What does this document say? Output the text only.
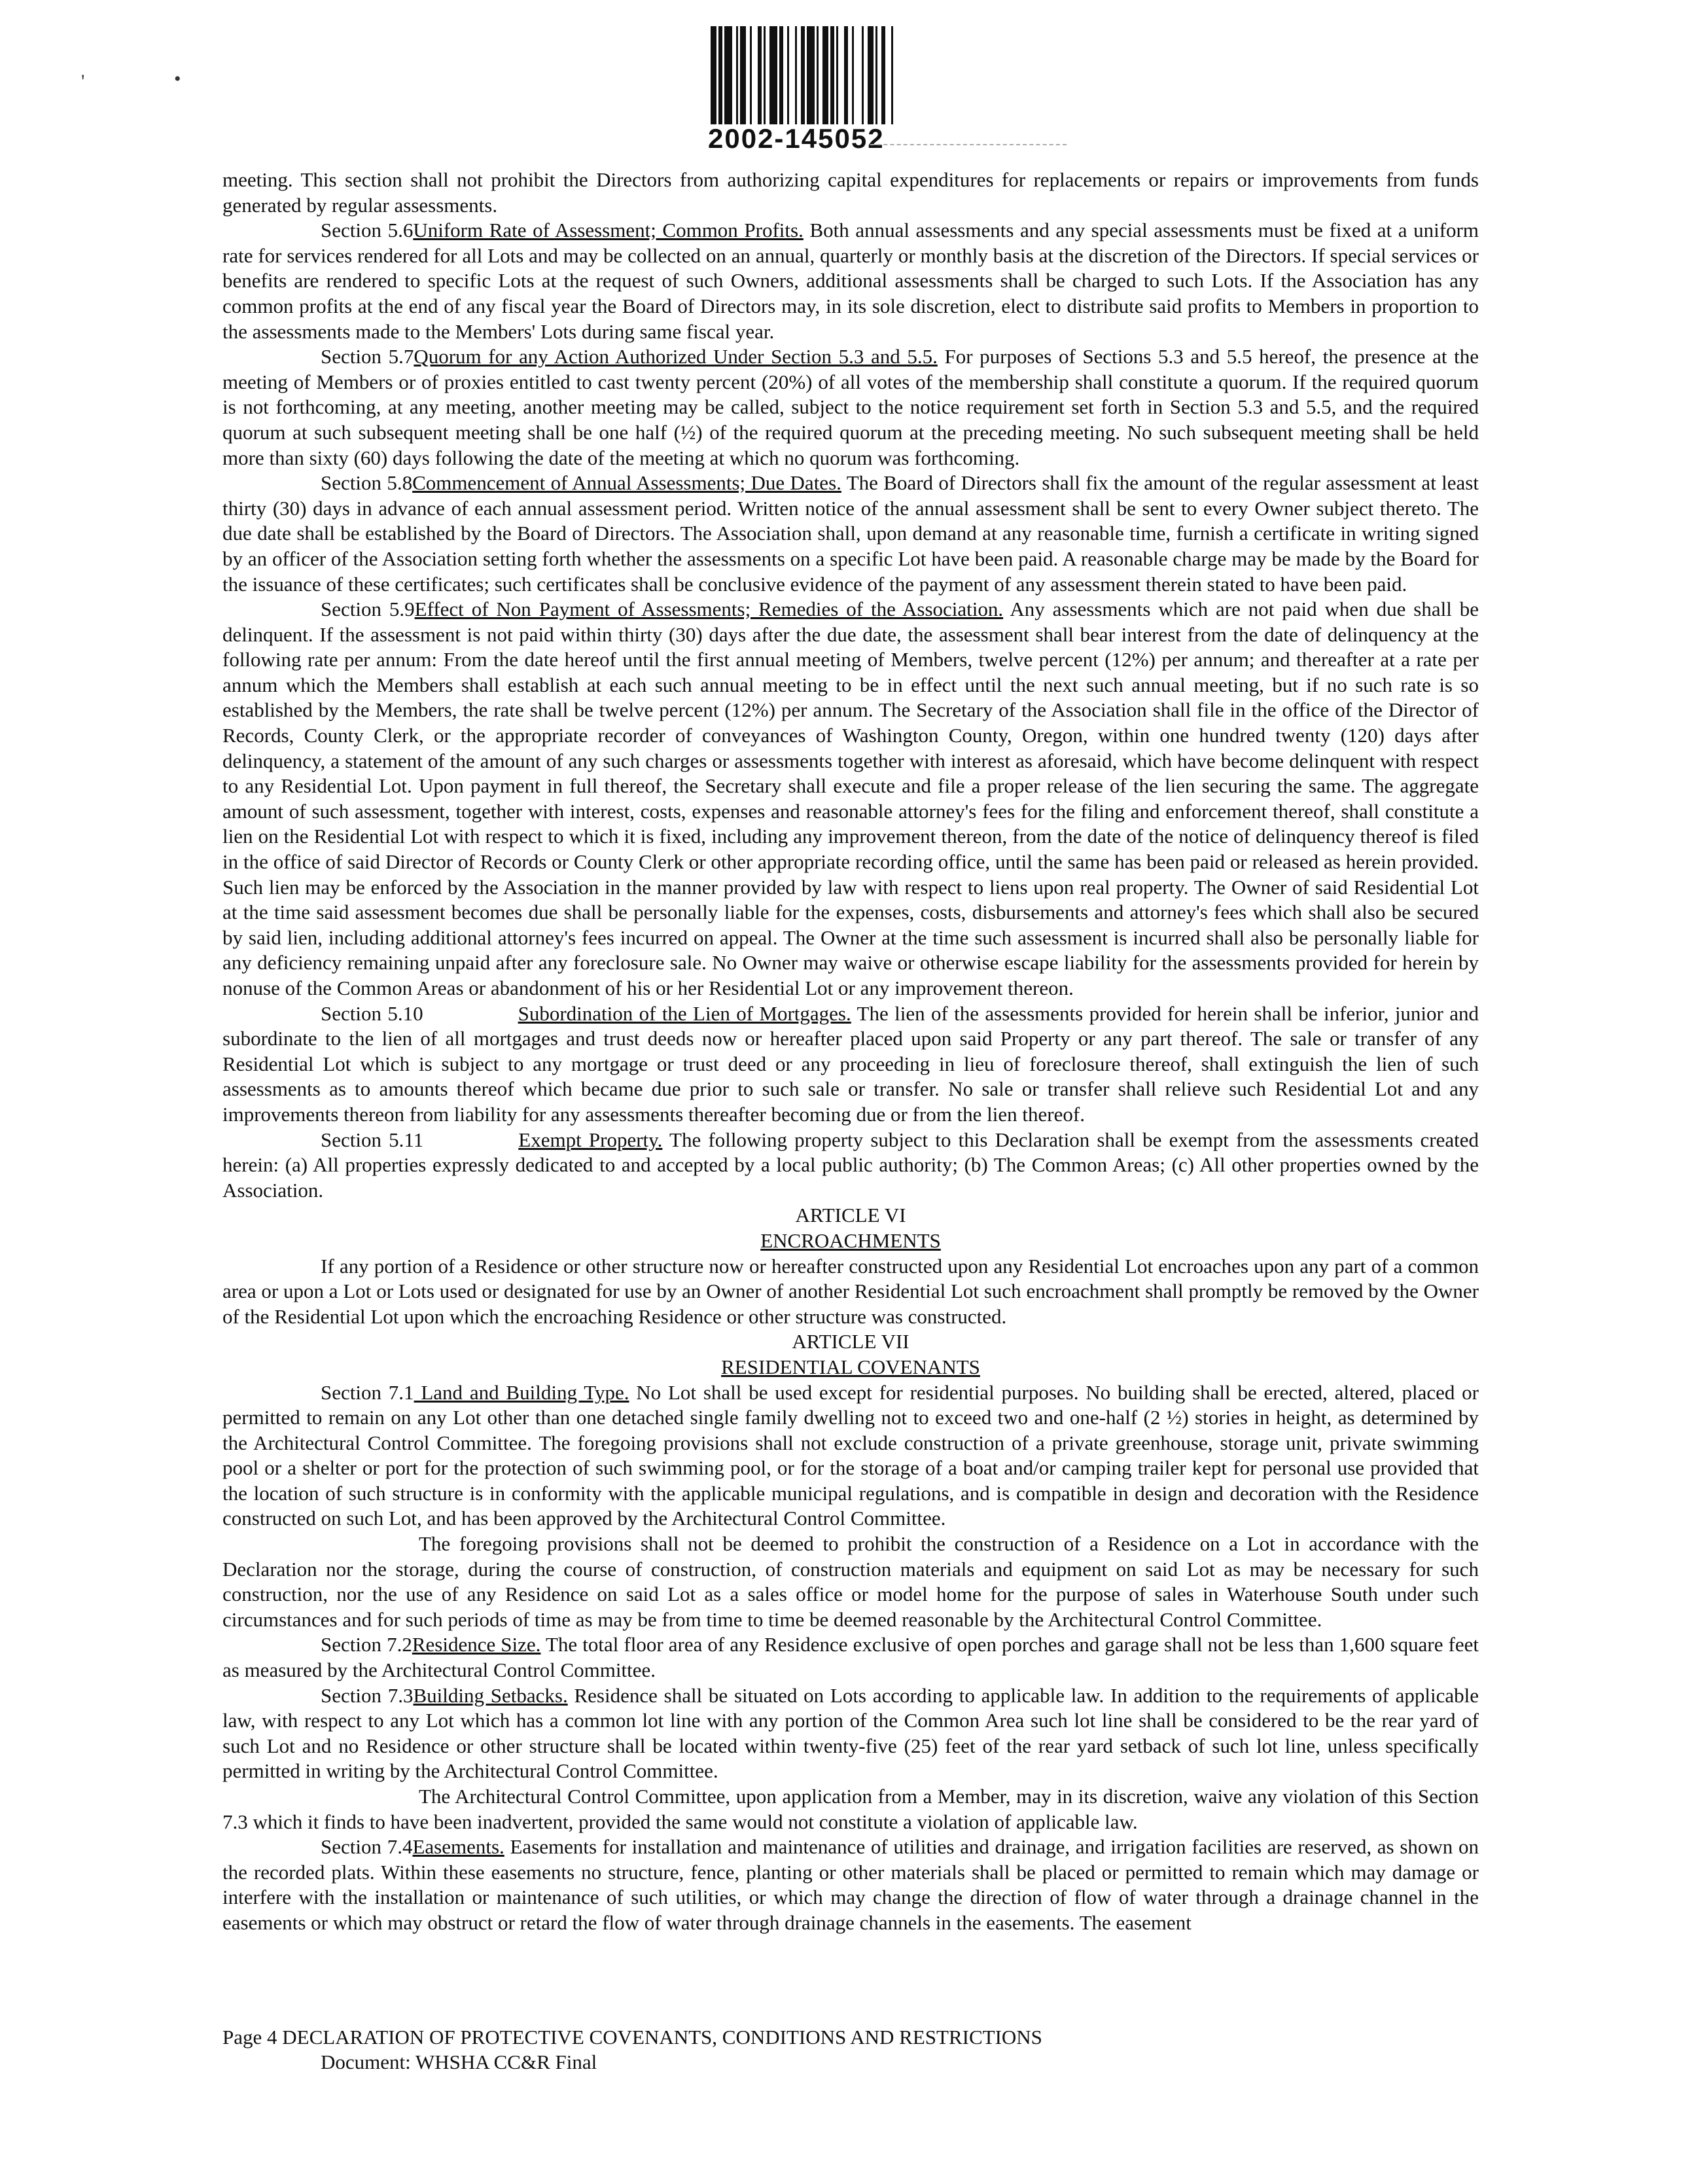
'	•
2002-145052

meeting. This section shall not prohibit the Directors from authorizing capital expenditures for replacements or repairs or improvements from funds generated by regular assessments.

Section 5.6Uniform Rate of Assessment; Common Profits. Both annual assessments and any special assessments must be fixed at a uniform rate for services rendered for all Lots and may be collected on an annual, quarterly or monthly basis at the discretion of the Directors. If special services or benefits are rendered to specific Lots at the request of such Owners, additional assessments shall be charged to such Lots. If the Association has any common profits at the end of any fiscal year the Board of Directors may, in its sole discretion, elect to distribute said profits to Members in proportion to the assessments made to the Members' Lots during same fiscal year.

Section 5.7Quorum for any Action Authorized Under Section 5.3 and 5.5. For purposes of Sections 5.3 and 5.5 hereof, the presence at the meeting of Members or of proxies entitled to cast twenty percent (20%) of all votes of the membership shall constitute a quorum. If the required quorum is not forthcoming, at any meeting, another meeting may be called, subject to the notice requirement set forth in Section 5.3 and 5.5, and the required quorum at such subsequent meeting shall be one half (½) of the required quorum at the preceding meeting. No such subsequent meeting shall be held more than sixty (60) days following the date of the meeting at which no quorum was forthcoming.

Section 5.8Commencement of Annual Assessments; Due Dates. The Board of Directors shall fix the amount of the regular assessment at least thirty (30) days in advance of each annual assessment period. Written notice of the annual assessment shall be sent to every Owner subject thereto. The due date shall be established by the Board of Directors. The Association shall, upon demand at any reasonable time, furnish a certificate in writing signed by an officer of the Association setting forth whether the assessments on a specific Lot have been paid. A reasonable charge may be made by the Board for the issuance of these certificates; such certificates shall be conclusive evidence of the payment of any assessment therein stated to have been paid.

Section 5.9Effect of Non Payment of Assessments; Remedies of the Association. Any assessments which are not paid when due shall be delinquent. If the assessment is not paid within thirty (30) days after the due date, the assessment shall bear interest from the date of delinquency at the following rate per annum: From the date hereof until the first annual meeting of Members, twelve percent (12%) per annum; and thereafter at a rate per annum which the Members shall establish at each such annual meeting to be in effect until the next such annual meeting, but if no such rate is so established by the Members, the rate shall be twelve percent (12%) per annum. The Secretary of the Association shall file in the office of the Director of Records, County Clerk, or the appropriate recorder of conveyances of Washington County, Oregon, within one hundred twenty (120) days after delinquency, a statement of the amount of any such charges or assessments together with interest as aforesaid, which have become delinquent with respect to any Residential Lot. Upon payment in full thereof, the Secretary shall execute and file a proper release of the lien securing the same. The aggregate amount of such assessment, together with interest, costs, expenses and reasonable attorney's fees for the filing and enforcement thereof, shall constitute a lien on the Residential Lot with respect to which it is fixed, including any improvement thereon, from the date of the notice of delinquency thereof is filed in the office of said Director of Records or County Clerk or other appropriate recording office, until the same has been paid or released as herein provided. Such lien may be enforced by the Association in the manner provided by law with respect to liens upon real property. The Owner of said Residential Lot at the time said assessment becomes due shall be personally liable for the expenses, costs, disbursements and attorney's fees which shall also be secured by said lien, including additional attorney's fees incurred on appeal. The Owner at the time such assessment is incurred shall also be personally liable for any deficiency remaining unpaid after any foreclosure sale. No Owner may waive or otherwise escape liability for the assessments provided for herein by nonuse of the Common Areas or abandonment of his or her Residential Lot or any improvement thereon.

Section 5.10	Subordination of the Lien of Mortgages. The lien of the assessments provided for herein shall be inferior, junior and subordinate to the lien of all mortgages and trust deeds now or hereafter placed upon said Property or any part thereof. The sale or transfer of any Residential Lot which is subject to any mortgage or trust deed or any proceeding in lieu of foreclosure thereof, shall extinguish the lien of such assessments as to amounts thereof which became due prior to such sale or transfer. No sale or transfer shall relieve such Residential Lot and any improvements thereon from liability for any assessments thereafter becoming due or from the lien thereof.

Section 5.11	Exempt Property. The following property subject to this Declaration shall be exempt from the assessments created herein: (a) All properties expressly dedicated to and accepted by a local public authority; (b) The Common Areas; (c) All other properties owned by the Association.

ARTICLE VI
ENCROACHMENTS

If any portion of a Residence or other structure now or hereafter constructed upon any Residential Lot encroaches upon any part of a common area or upon a Lot or Lots used or designated for use by an Owner of another Residential Lot such encroachment shall promptly be removed by the Owner of the Residential Lot upon which the encroaching Residence or other structure was constructed.

ARTICLE VII
RESIDENTIAL COVENANTS

Section 7.1 Land and Building Type. No Lot shall be used except for residential purposes. No building shall be erected, altered, placed or permitted to remain on any Lot other than one detached single family dwelling not to exceed two and one-half (2 ½) stories in height, as determined by the Architectural Control Committee. The foregoing provisions shall not exclude construction of a private greenhouse, storage unit, private swimming pool or a shelter or port for the protection of such swimming pool, or for the storage of a boat and/or camping trailer kept for personal use provided that the location of such structure is in conformity with the applicable municipal regulations, and is compatible in design and decoration with the Residence constructed on such Lot, and has been approved by the Architectural Control Committee.

The foregoing provisions shall not be deemed to prohibit the construction of a Residence on a Lot in accordance with the Declaration nor the storage, during the course of construction, of construction materials and equipment on said Lot as may be necessary for such construction, nor the use of any Residence on said Lot as a sales office or model home for the purpose of sales in Waterhouse South under such circumstances and for such periods of time as may be from time to time be deemed reasonable by the Architectural Control Committee.

Section 7.2Residence Size. The total floor area of any Residence exclusive of open porches and garage shall not be less than 1,600 square feet as measured by the Architectural Control Committee.

Section 7.3Building Setbacks. Residence shall be situated on Lots according to applicable law. In addition to the requirements of applicable law, with respect to any Lot which has a common lot line with any portion of the Common Area such lot line shall be considered to be the rear yard of such Lot and no Residence or other structure shall be located within twenty-five (25) feet of the rear yard setback of such lot line, unless specifically permitted in writing by the Architectural Control Committee.

The Architectural Control Committee, upon application from a Member, may in its discretion, waive any violation of this Section 7.3 which it finds to have been inadvertent, provided the same would not constitute a violation of applicable law.

Section 7.4Easements. Easements for installation and maintenance of utilities and drainage, and irrigation facilities are reserved, as shown on the recorded plats. Within these easements no structure, fence, planting or other materials shall be placed or permitted to remain which may damage or interfere with the installation or maintenance of such utilities, or which may change the direction of flow of water through a drainage channel in the easements or which may obstruct or retard the flow of water through drainage channels in the easements. The easement

Page 4 DECLARATION OF PROTECTIVE COVENANTS, CONDITIONS AND RESTRICTIONS
Document: WHSHA CC&R Final
